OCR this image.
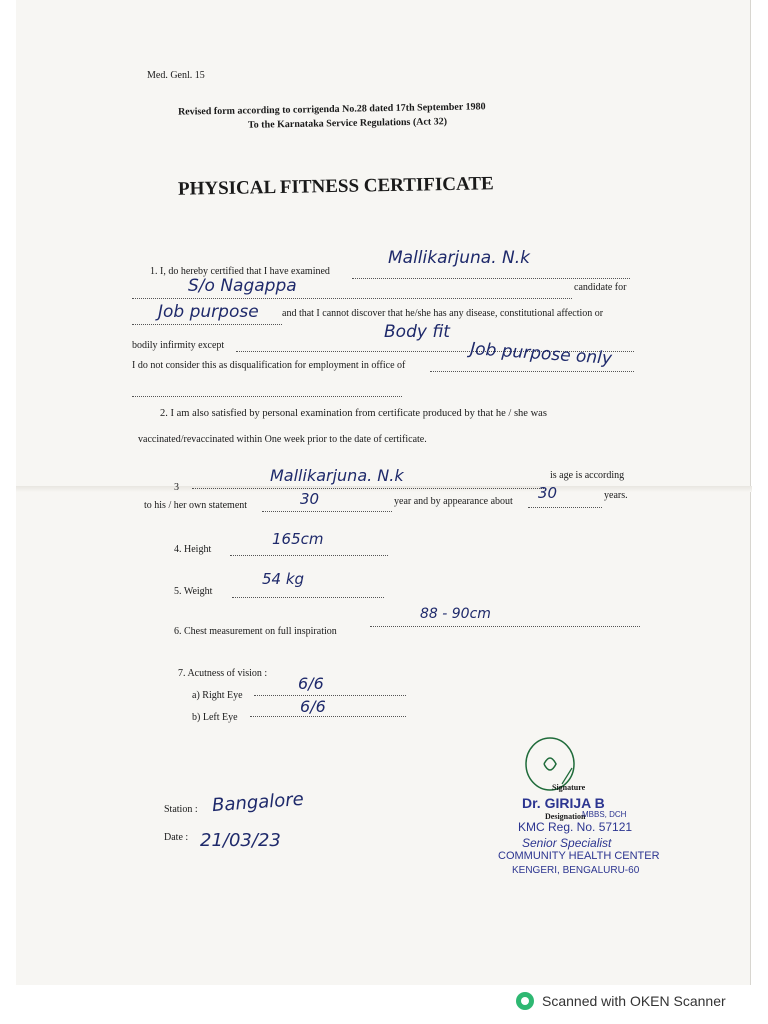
Med. Genl. 15
Revised form according to corrigenda No.28 dated 17th September 1980
To the Karnataka Service Regulations (Act 32)
PHYSICAL FITNESS CERTIFICATE
1. I, do hereby certified that I have examined
Mallikarjuna. N.k
S/o Nagappa	candidate for
Job purpose and that I cannot discover that he/she has any disease, constitutional affection or
bodily infirmity except
Body fit
I do not consider this as disqualification for employment in office of	Job purpose only
2. I am also satisfied by personal examination from certificate produced by that he / she was
vaccinated/revaccinated within One week prior to the date of certificate.
3
Mallikarjuna. N.k	is age is according
to his / her own statement	30	year and by appearance about 30	years.
4. Height
165cm
5. Weight
54 kg
6. Chest measurement on full inspiration
88 - 90cm
7. Acutness of vision :
a) Right Eye
6/6
b) Left Eye
6/6
Station : Bangalore
Date : 21/03/23
Signature
Designation
Dr. GIRIJA B
MBBS, DCH
KMC Reg. No. 57121
Senior Specialist
COMMUNITY HEALTH CENTER
KENGERI, BENGALURU-60
Scanned with OKEN Scanner
